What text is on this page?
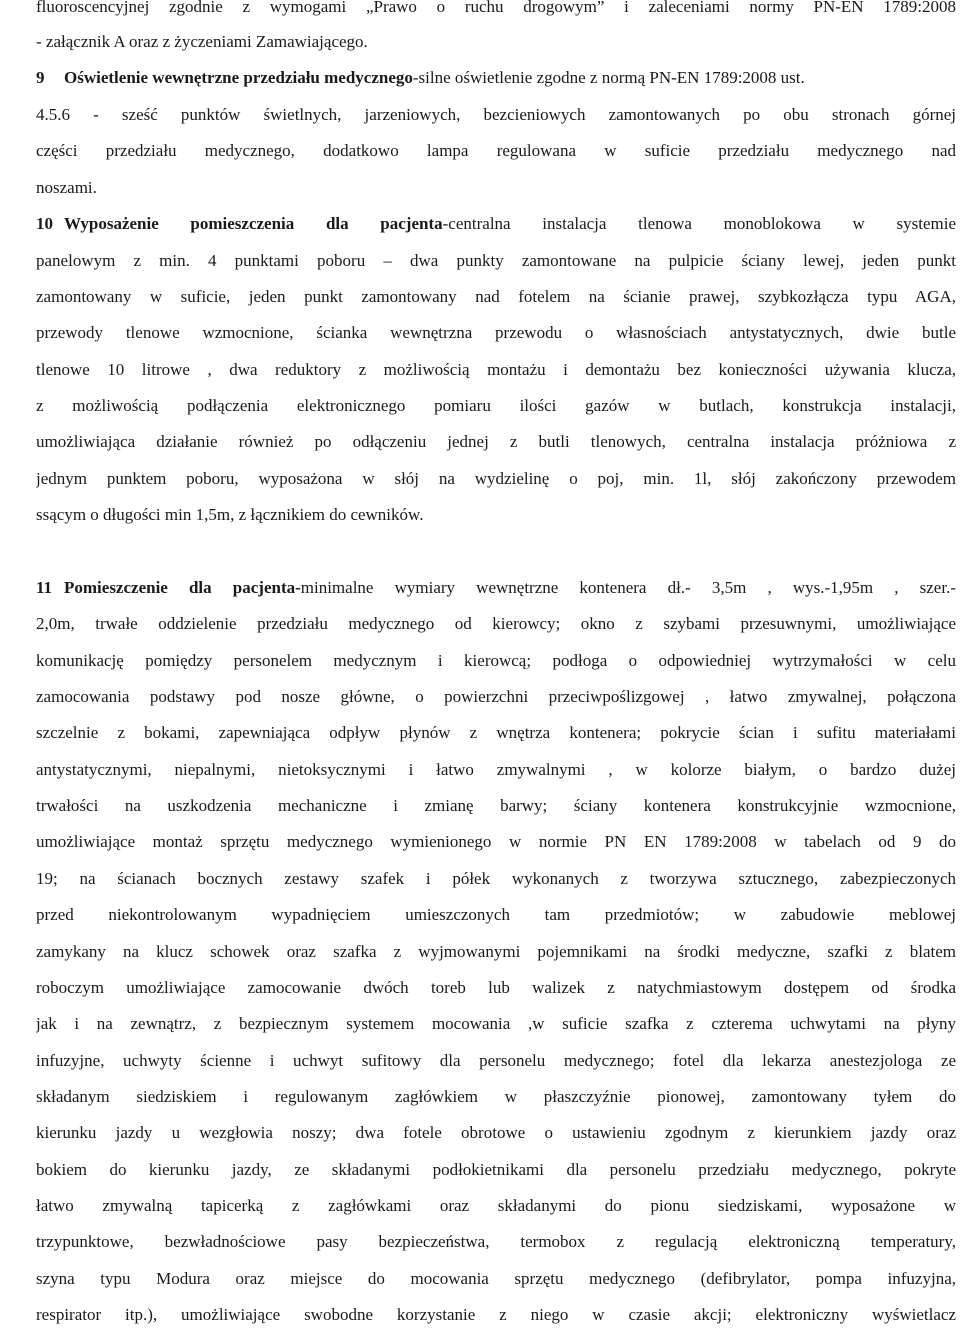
fluoroscencyjnej zgodnie z wymogami „Prawo o ruchu drogowym” i zaleceniami normy PN-EN 1789:2008
- załącznik A oraz z życzeniami Zamawiającego.
9 Oświetlenie wewnętrzne przedziału medycznego-silne oświetlenie zgodne z normą PN-EN 1789:2008 ust.
4.5.6 - sześć punktów świetlnych, jarzeniowych, bezcieniowych zamontowanych po obu stronach górnej
części przedziału medycznego, dodatkowo lampa regulowana w suficie przedziału medycznego nad
noszami.
10 Wyposażenie pomieszczenia dla pacjenta-centralna instalacja tlenowa monoblokowa w systemie
panelowym z min. 4 punktami poboru – dwa punkty zamontowane na pulpicie ściany lewej, jeden punkt
zamontowany w suficie, jeden punkt zamontowany nad fotelem na ścianie prawej, szybkozłącza typu AGA,
przewody tlenowe wzmocnione, ścianka wewnętrzna przewodu o własnościach antystatycznych, dwie butle
tlenowe 10 litrowe , dwa reduktory z możliwością montażu i demontażu bez konieczności używania klucza,
z możliwością podłączenia elektronicznego pomiaru ilości gazów w butlach, konstrukcja instalacji,
umożliwiająca działanie również po odłączeniu jednej z butli tlenowych, centralna instalacja próżniowa z
jednym punktem poboru, wyposażona w słój na wydzielinę o poj, min. 1l, słój zakończony przewodem
ssącym o długości min 1,5m, z łącznikiem do cewników.
11 Pomieszczenie dla pacjenta-minimalne wymiary wewnętrzne kontenera dł.- 3,5m , wys.-1,95m , szer.-
2,0m, trwałe oddzielenie przedziału medycznego od kierowcy; okno z szybami przesuwnymi, umożliwiające
komunikację pomiędzy personelem medycznym i kierowcą; podłoga o odpowiedniej wytrzymałości w celu
zamocowania podstawy pod nosze główne, o powierzchni przeciwpoślizgowej , łatwo zmywalnej, połączona
szczelnie z bokami, zapewniająca odpływ płynów z wnętrza kontenera; pokrycie ścian i sufitu materiałami
antystatycznymi, niepalnymi, nietoksycznymi i łatwo zmywalnymi , w kolorze białym, o bardzo dużej
trwałości na uszkodzenia mechaniczne i zmianę barwy; ściany kontenera konstrukcyjnie wzmocnione,
umożliwiające montaż sprzętu medycznego wymienionego w normie PN EN 1789:2008 w tabelach od 9 do
19; na ścianach bocznych zestawy szafek i półek wykonanych z tworzywa sztucznego, zabezpieczonych
przed niekontrolowanym wypadnięciem umieszczonych tam przedmiotów; w zabudowie meblowej
zamykany na klucz schowek oraz szafka z wyjmowanymi pojemnikami na środki medyczne, szafki z blatem
roboczym umożliwiające zamocowanie dwóch toreb lub walizek z natychmiastowym dostępem od środka
jak i na zewnątrz, z bezpiecznym systemem mocowania ,w suficie szafka z czterema uchwytami na płyny
infuzyjne, uchwyty ścienne i uchwyt sufitowy dla personelu medycznego; fotel dla lekarza anestezjologa ze
składanym siedziskiem i regulowanym zagłówkiem w płaszczyźnie pionowej, zamontowany tyłem do
kierunku jazdy u wezgłowia noszy; dwa fotele obrotowe o ustawieniu zgodnym z kierunkiem jazdy oraz
bokiem do kierunku jazdy, ze składanymi podłokietnikami dla personelu przedziału medycznego, pokryte
łatwo zmywalną tapicerką z zagłówkami oraz składanymi do pionu siedziskami, wyposażone w
trzypunktowe, bezwładnościowe pasy bezpieczeństwa, termobox z regulacją elektroniczną temperatury,
szyna typu Modura oraz miejsce do mocowania sprzętu medycznego (defibrylator, pompa infuzyjna,
respirator itp.), umożliwiające swobodne korzystanie z niego w czasie akcji; elektroniczny wyświetlacz
